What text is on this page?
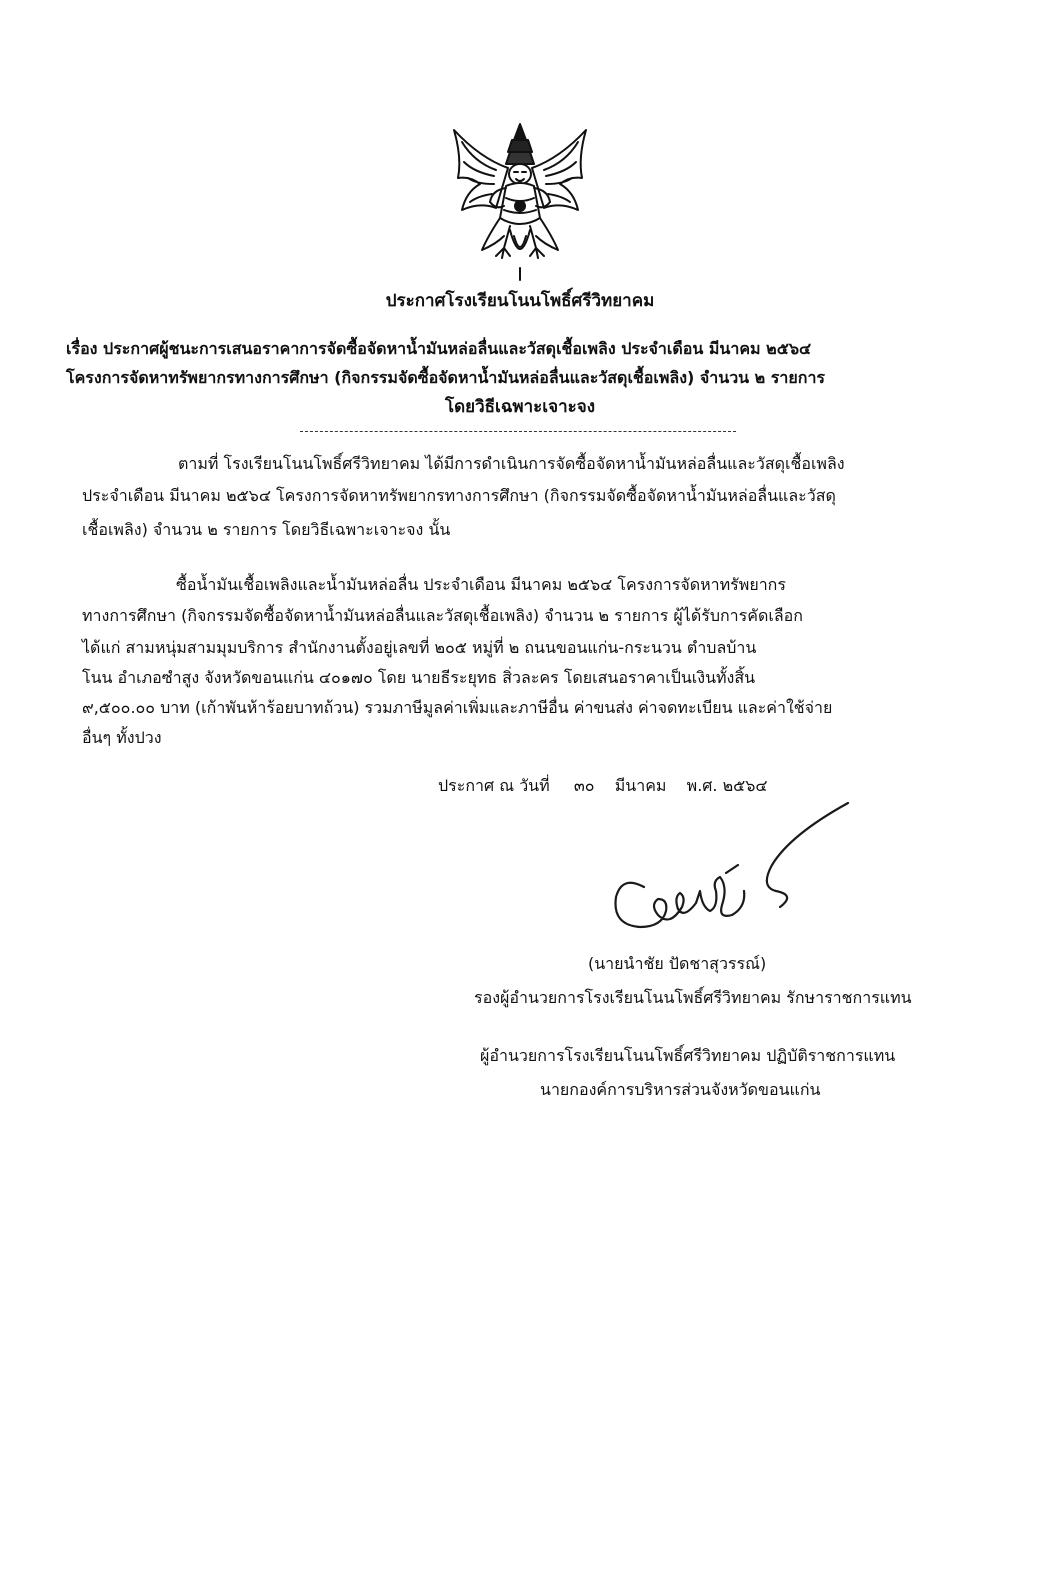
ประกาศโรงเรียนโนนโพธิ์ศรีวิทยาคม
เรื่อง ประกาศผู้ชนะการเสนอราคาการจัดซื้อจัดหาน้ำมันหล่อลื่นและวัสดุเชื้อเพลิง ประจำเดือน มีนาคม ๒๕๖๔
โครงการจัดหาทรัพยากรทางการศึกษา (กิจกรรมจัดซื้อจัดหาน้ำมันหล่อลื่นและวัสดุเชื้อเพลิง) จำนวน ๒ รายการ
โดยวิธีเฉพาะเจาะจง
ตามที่ โรงเรียนโนนโพธิ์ศรีวิทยาคม ได้มีการดำเนินการจัดซื้อจัดหาน้ำมันหล่อลื่นและวัสดุเชื้อเพลิง
ประจำเดือน มีนาคม ๒๕๖๔ โครงการจัดหาทรัพยากรทางการศึกษา (กิจกรรมจัดซื้อจัดหาน้ำมันหล่อลื่นและวัสดุ
เชื้อเพลิง) จำนวน ๒ รายการ โดยวิธีเฉพาะเจาะจง นั้น
ซื้อน้ำมันเชื้อเพลิงและน้ำมันหล่อลื่น ประจำเดือน มีนาคม ๒๕๖๔ โครงการจัดหาทรัพยากร
ทางการศึกษา (กิจกรรมจัดซื้อจัดหาน้ำมันหล่อลื่นและวัสดุเชื้อเพลิง) จำนวน ๒ รายการ ผู้ได้รับการคัดเลือก
ได้แก่ สามหนุ่มสามมุมบริการ สำนักงานตั้งอยู่เลขที่ ๒๐๕ หมู่ที่ ๒ ถนนขอนแก่น-กระนวน ตำบลบ้าน
โนน อำเภอซำสูง จังหวัดขอนแก่น ๔๐๑๗๐ โดย นายธีระยุทธ สิ่วละคร โดยเสนอราคาเป็นเงินทั้งสิ้น
๙,๕๐๐.๐๐ บาท (เก้าพันห้าร้อยบาทถ้วน) รวมภาษีมูลค่าเพิ่มและภาษีอื่น ค่าขนส่ง ค่าจดทะเบียน และค่าใช้จ่าย
อื่นๆ ทั้งปวง
ประกาศ ณ วันที่ ๓๐ มีนาคม พ.ศ. ๒๕๖๔
(นายนำชัย ปัดชาสุวรรณ์)
รองผู้อำนวยการโรงเรียนโนนโพธิ์ศรีวิทยาคม รักษาราชการแทน
ผู้อำนวยการโรงเรียนโนนโพธิ์ศรีวิทยาคม ปฏิบัติราชการแทน
นายกองค์การบริหารส่วนจังหวัดขอนแก่น
